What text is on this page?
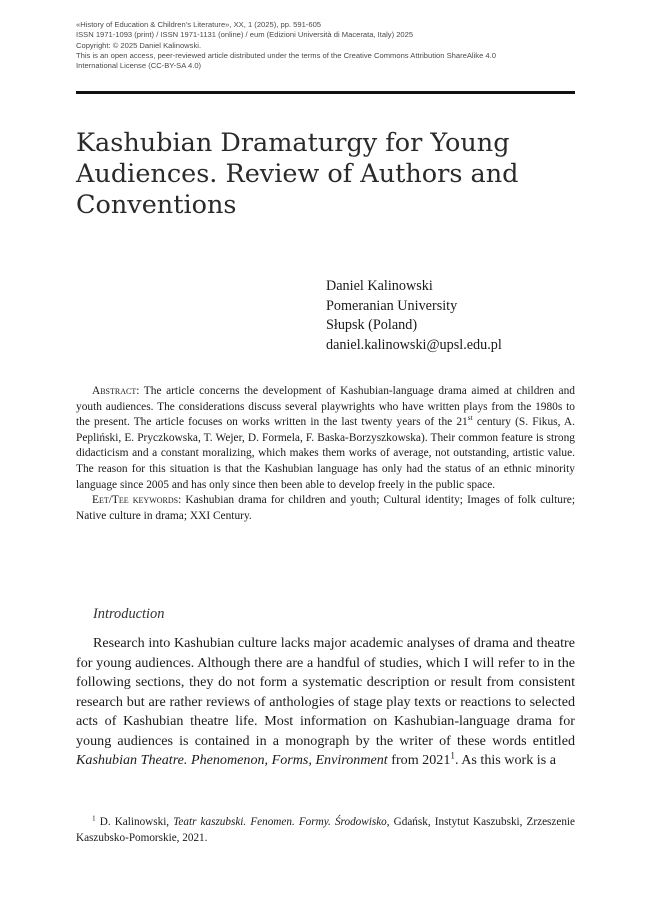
«History of Education & Children's Literature», XX, 1 (2025), pp. 591-605
ISSN 1971-1093 (print) / ISSN 1971-1131 (online) / eum (Edizioni Università di Macerata, Italy) 2025
Copyright: © 2025 Daniel Kalinowski.
This is an open access, peer-reviewed article distributed under the terms of the Creative Commons Attribution ShareAlike 4.0
International License (CC-BY-SA 4.0)
Kashubian Dramaturgy for Young Audiences. Review of Authors and Conventions
Daniel Kalinowski
Pomeranian University
Słupsk (Poland)
daniel.kalinowski@upsl.edu.pl

Abstract: The article concerns the development of Kashubian-language drama aimed at children and youth audiences. The considerations discuss several playwrights who have written plays from the 1980s to the present. The article focuses on works written in the last twenty years of the 21st century (S. Fikus, A. Pepliński, E. Pryczkowska, T. Wejer, D. Formela, F. Baska-Borzyszkowska). Their common feature is strong didacticism and a constant moralizing, which makes them works of average, not outstanding, artistic value. The reason for this situation is that the Kashubian language has only had the status of an ethnic minority language since 2005 and has only since then been able to develop freely in the public space.

Eet/Tee keywords: Kashubian drama for children and youth; Cultural identity; Images of folk culture; Native culture in drama; XXI Century.

Introduction

Research into Kashubian culture lacks major academic analyses of drama and theatre for young audiences. Although there are a handful of studies, which I will refer to in the following sections, they do not form a systematic description or result from consistent research but are rather reviews of anthologies of stage play texts or reactions to selected acts of Kashubian theatre life. Most information on Kashubian-language drama for young audiences is contained in a monograph by the writer of these words entitled Kashubian Theatre. Phenomenon, Forms, Environment from 2021$^1$. As this work is a

$^1$ D. Kalinowski, Teatr kaszubski. Fenomen. Formy. Środowisko, Gdańsk, Instytut Kaszubski, Zrzeszenie Kaszubsko-Pomorskie, 2021.
